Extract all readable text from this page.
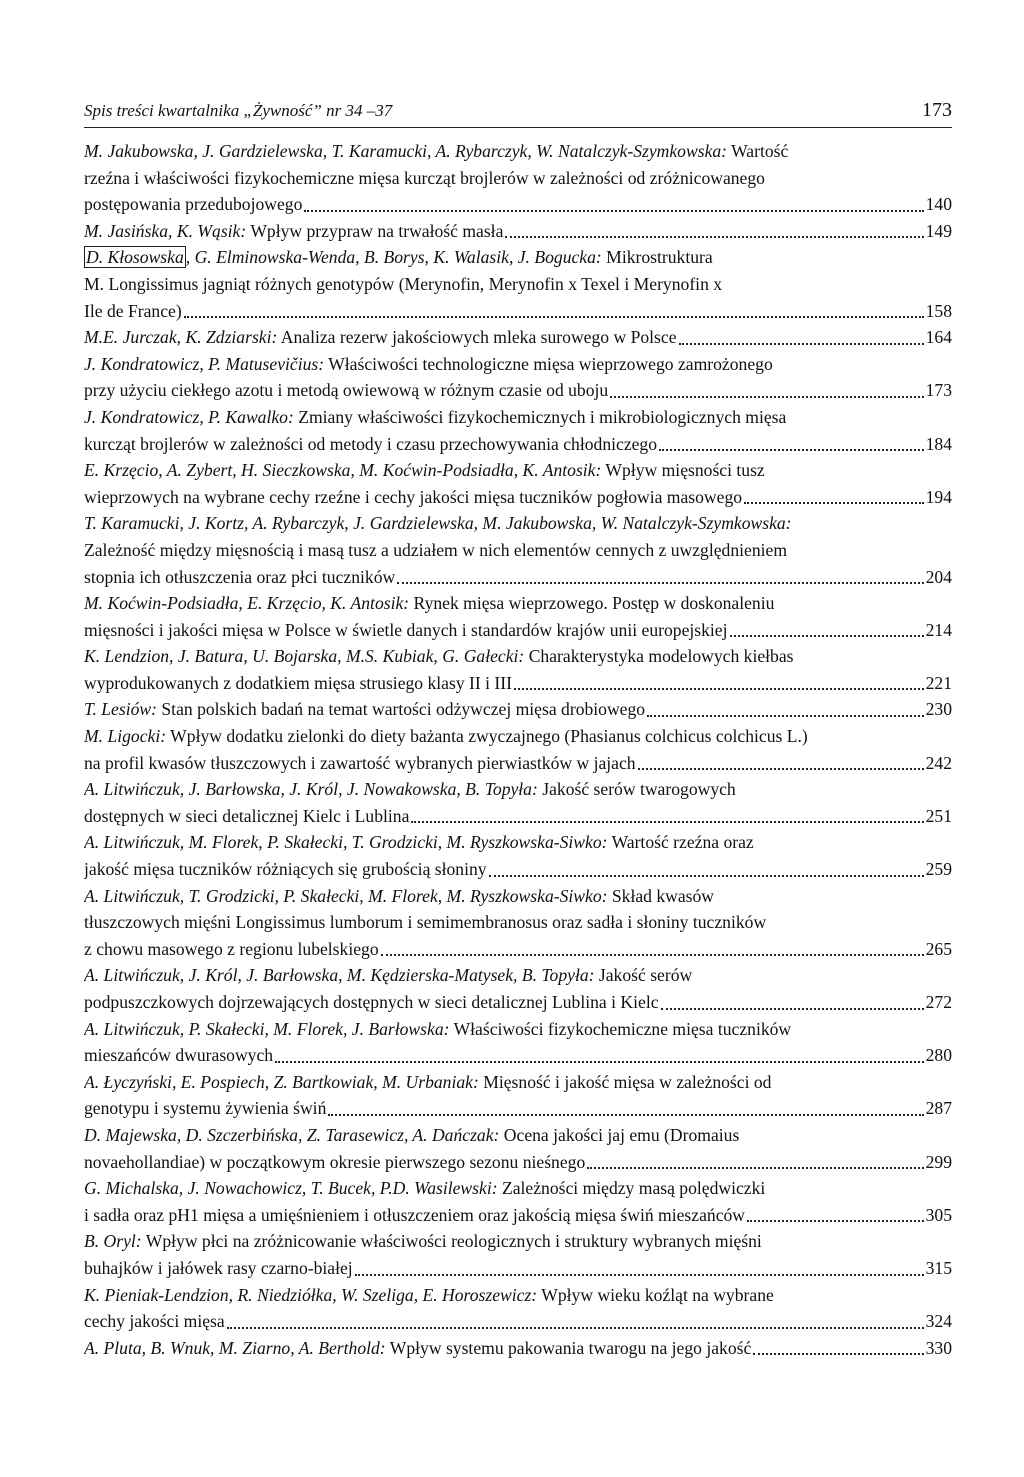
Spis treści kwartalnika „Żywność” nr 34 –37	173
M. Jakubowska, J. Gardzielewska, T. Karamucki, A. Rybarczyk, W. Natalczyk-Szymkowska: Wartość
rzeźna i właściwości fizykochemiczne mięsa kurcząt brojlerów w zależności od zróżnicowanego
postępowania przedubojowego	140
M. Jasińska, K. Wąsik: Wpływ przypraw na trwałość masła	149
D. Kłosowska , G. Elminowska-Wenda, B. Borys, K. Walasik, J. Bogucka: Mikrostruktura
M. Longissimus jagniąt różnych genotypów (Merynofin, Merynofin x Texel i Merynofin x
Ile de France)	158
M.E. Jurczak, K. Zdziarski: Analiza rezerw jakościowych mleka surowego w Polsce	164
J. Kondratowicz, P. Matusevičius: Właściwości technologiczne mięsa wieprzowego zamrożonego
przy użyciu ciekłego azotu i metodą owiewową w różnym czasie od uboju	173
J. Kondratowicz, P. Kawalko: Zmiany właściwości fizykochemicznych i mikrobiologicznych mięsa
kurcząt brojlerów w zależności od metody i czasu przechowywania chłodniczego	184
E. Krzęcio, A. Zybert, H. Sieczkowska, M. Koćwin-Podsiadła, K. Antosik: Wpływ mięsności tusz
wieprzowych na wybrane cechy rzeźne i cechy jakości mięsa tuczników pogłowia masowego	194
T. Karamucki, J. Kortz, A. Rybarczyk, J. Gardzielewska, M. Jakubowska, W. Natalczyk-Szymkowska:
Zależność między mięsnością i masą tusz a udziałem w nich elementów cennych z uwzględnieniem
stopnia ich otłuszczenia oraz płci tuczników	204
M. Koćwin-Podsiadła, E. Krzęcio, K. Antosik: Rynek mięsa wieprzowego. Postęp w doskonaleniu
mięsności i jakości mięsa w Polsce w świetle danych i standardów krajów unii europejskiej	214
K. Lendzion, J. Batura, U. Bojarska, M.S. Kubiak, G. Gałecki: Charakterystyka modelowych kiełbas
wyprodukowanych z dodatkiem mięsa strusiego klasy II i III	221
T. Lesiów: Stan polskich badań na temat wartości odżywczej mięsa drobiowego	230
M. Ligocki: Wpływ dodatku zielonki do diety bażanta zwyczajnego (Phasianus colchicus colchicus L.)
na profil kwasów tłuszczowych i zawartość wybranych pierwiastków w jajach	242
A. Litwińczuk, J. Barłowska, J. Król, J. Nowakowska, B. Topyła: Jakość serów twarogowych
dostępnych w sieci detalicznej Kielc i Lublina	251
A. Litwińczuk, M. Florek, P. Skałecki, T. Grodzicki, M. Ryszkowska-Siwko: Wartość rzeźna oraz
jakość mięsa tuczników różniących się grubością słoniny	259
A. Litwińczuk, T. Grodzicki, P. Skałecki, M. Florek, M. Ryszkowska-Siwko: Skład kwasów
tłuszczowych mięśni Longissimus lumborum i semimembranosus oraz sadła i słoniny tuczników
z chowu masowego z regionu lubelskiego	265
A. Litwińczuk, J. Król, J. Barłowska, M. Kędzierska-Matysek, B. Topyła: Jakość serów
podpuszczkowych dojrzewających dostępnych w sieci detalicznej Lublina i Kielc	272
A. Litwińczuk, P. Skałecki, M. Florek, J. Barłowska: Właściwości fizykochemiczne mięsa tuczników
mieszańców dwurasowych	280
A. Łyczyński, E. Pospiech, Z. Bartkowiak, M. Urbaniak: Mięsność i jakość mięsa w zależności od
genotypu i systemu żywienia świń	287
D. Majewska, D. Szczerbińska, Z. Tarasewicz, A. Dańczak: Ocena jakości jaj emu (Dromaius
novaehollandiae) w początkowym okresie pierwszego sezonu nieśnego	299
G. Michalska, J. Nowachowicz, T. Bucek, P.D. Wasilewski: Zależności między masą polędwiczki
i sadła oraz pH1 mięsa a umięśnieniem i otłuszczeniem oraz jakością mięsa świń mieszańców	305
B. Oryl: Wpływ płci na zróżnicowanie właściwości reologicznych i struktury wybranych mięśni
buhajków i jałówek rasy czarno-białej	315
K. Pieniak-Lendzion, R. Niedziółka, W. Szeliga, E. Horoszewicz: Wpływ wieku koźląt na wybrane
cechy jakości mięsa	324
A. Pluta, B. Wnuk, M. Ziarno, A. Berthold: Wpływ systemu pakowania twarogu na jego jakość	330
